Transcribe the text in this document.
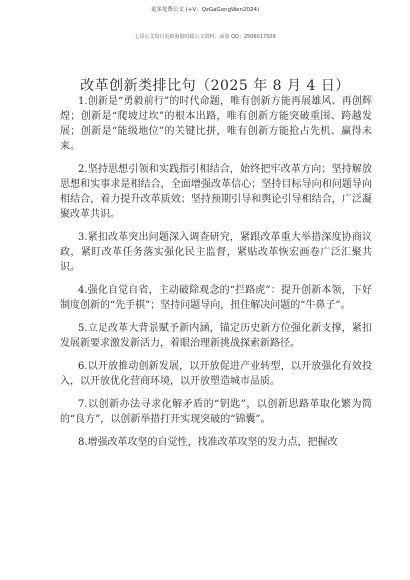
更多免费公文 (+V：QzGaGongWen2024)
七哥公文每日更新海量时政公文资料，添加 QQ：2506017509
改革创新类排比句（2025 年 8 月 4 日）

1.创新是“勇毅前行”的时代命题，唯有创新方能再展雄风、再创辉煌；创新是“爬坡过坎”的根本出路，唯有创新方能突破重围、跨越发展；创新是“能级地位”的关键比拼，唯有创新方能抢占先机、赢得未来。

2.坚持思想引领和实践指引相结合，始终把牢改革方向；坚持解放思想和实事求是相结合，全面增强改革信心；坚持目标导向和问题导向相结合，着力提升改革质效；坚持预期引导和舆论引导相结合，广泛凝聚改革共识。

3.紧扣改革突出问题深入调查研究，紧跟改革重大举措深度协商议政，紧盯改革任务落实强化民主监督，紧贴改革恢宏画卷广泛汇聚共识。

4.强化自觉自省，主动破除观念的“拦路虎”：提升创新本领，下好制度创新的“先手棋”；坚持问题导向，扭住解决问题的“牛鼻子”。

5.立足改革大背景赋予新内涵，锚定历史新方位强化新支撑，紧扣发展新要求激发新活力，着眼治理新挑战探索新路径。

6.以开放推动创新发展，以开放促进产业转型，以开放强化有效投入，以开放优化营商环境，以开放塑造城市品质。

7.以创新办法寻求化解矛盾的“钥匙”，以创新思路革取化繁为简的“良方”，以创新举措打开实现突破的“锦囊”。

8.增强改革攻坚的自觉性，找准改革攻坚的发力点，把握改
